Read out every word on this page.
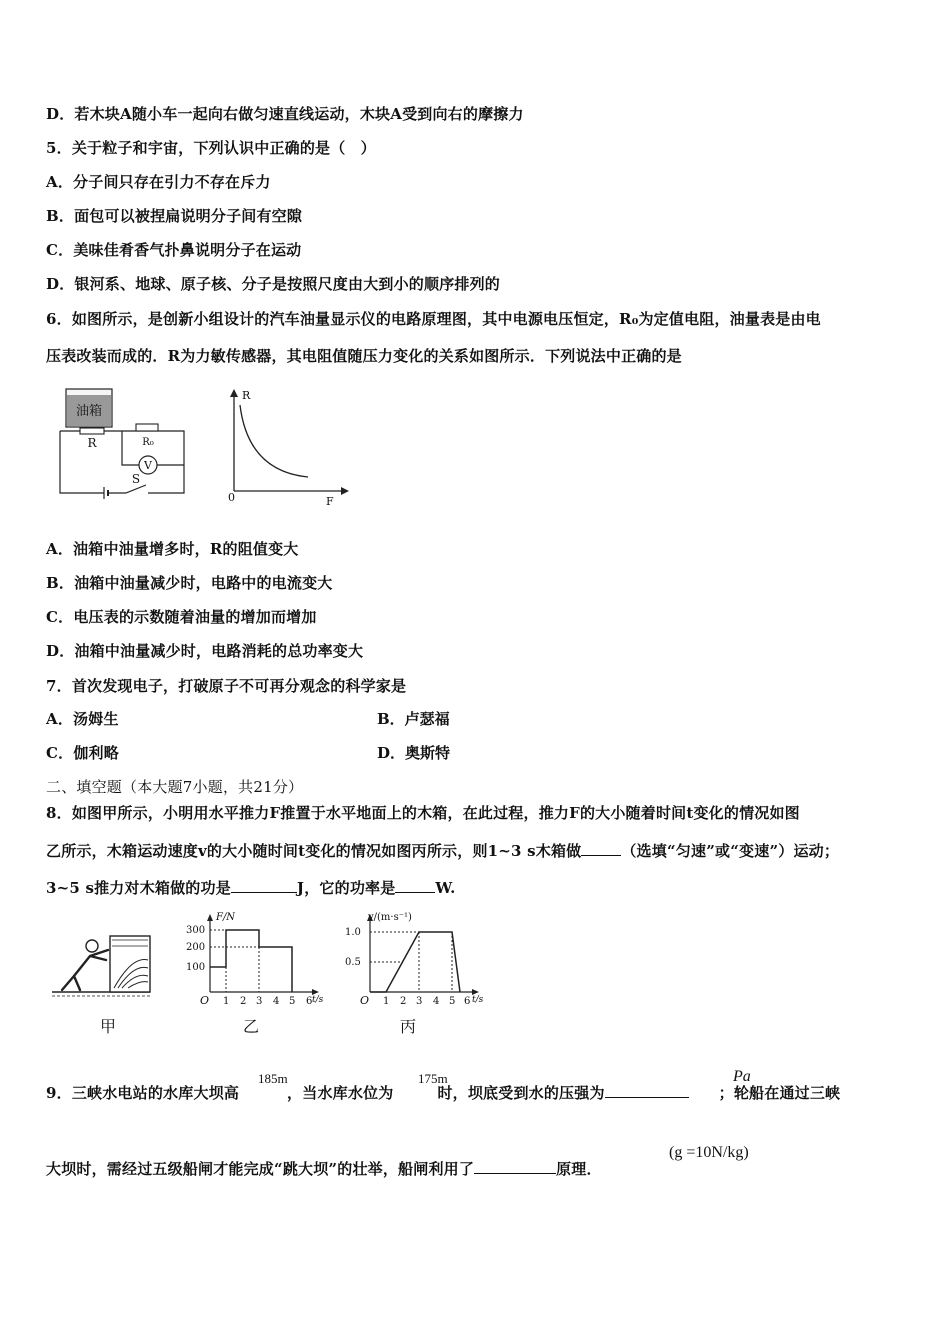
D．若木块A随小车一起向右做匀速直线运动，木块A受到向右的摩擦力
5．关于粒子和宇宙，下列认识中正确的是（　）
A．分子间只存在引力不存在斥力
B．面包可以被捏扁说明分子间有空隙
C．美味佳肴香气扑鼻说明分子在运动
D．银河系、地球、原子核、分子是按照尺度由大到小的顺序排列的
6．如图所示，是创新小组设计的汽车油量显示仪的电路原理图，其中电源电压恒定，R₀为定值电阻，油量表是由电
压表改装而成的．R为力敏传感器，其电阻值随压力变化的关系如图所示．下列说法中正确的是
油箱
R
S
R₀
V
R
F
0
A．油箱中油量增多时，R的阻值变大
B．油箱中油量减少时，电路中的电流变大
C．电压表的示数随着油量的增加而增加
D．油箱中油量减少时，电路消耗的总功率变大
7．首次发现电子，打破原子不可再分观念的科学家是
A．汤姆生	B．卢瑟福
C．伽利略	D．奥斯特
二、填空题（本大题7小题，共21分）
8．如图甲所示，小明用水平推力F推置于水平地面上的木箱，在此过程，推力F的大小随着时间t变化的情况如图
乙所示，木箱运动速度v的大小随时间t变化的情况如图丙所示，则1~3 s木箱做	（选填“匀速”或“变速”）运动；
3~5 s推力对木箱做的功是	J，它的功率是	W.
F/N
300
200
100
O 1 2 3 4 5 6 t/s
v/(m·s⁻¹)
1.0
0.5
O 1 2 3 4 5 6 t/s
甲	乙	丙
9．三峡水电站的水库大坝高	，当水库水位为	时，坝底受到水的压强为	；轮船在通过三峡
185m	175m	Pa
大坝时，需经过五级船闸才能完成“跳大坝”的壮举，船闸利用了	原理．
(g =10N/kg)
